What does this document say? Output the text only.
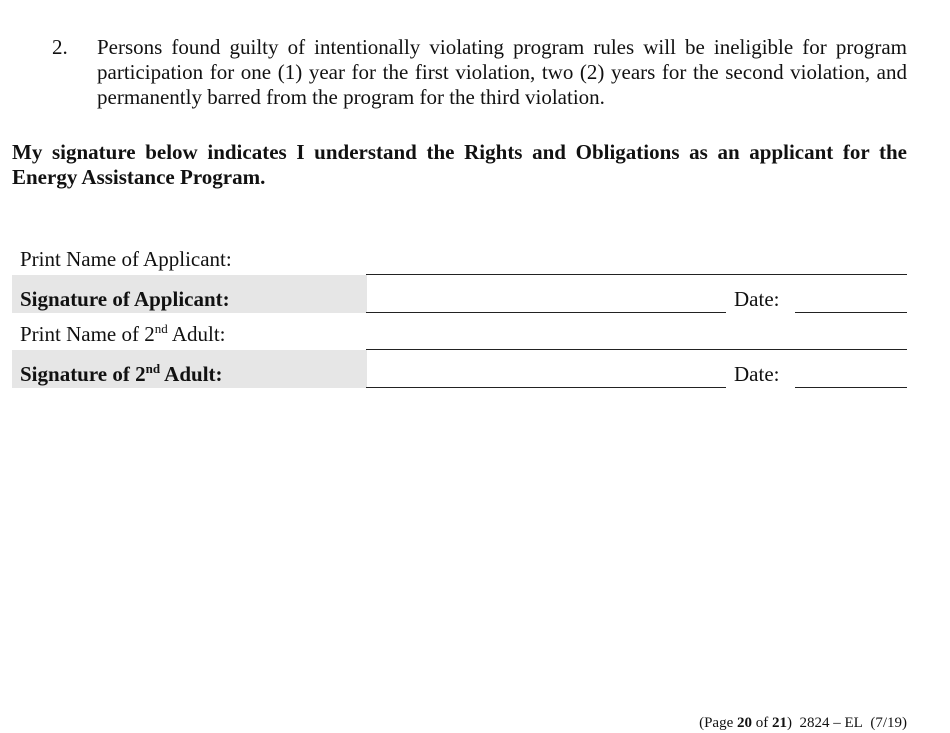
2. Persons found guilty of intentionally violating program rules will be ineligible for program participation for one (1) year for the first violation, two (2) years for the second violation, and permanently barred from the program for the third violation.
My signature below indicates I understand the Rights and Obligations as an applicant for the Energy Assistance Program.
Print Name of Applicant:
Signature of Applicant:	Date:
Print Name of 2nd Adult:
Signature of 2nd Adult:	Date:
(Page 20 of 21) 2824 – EL (7/19)
